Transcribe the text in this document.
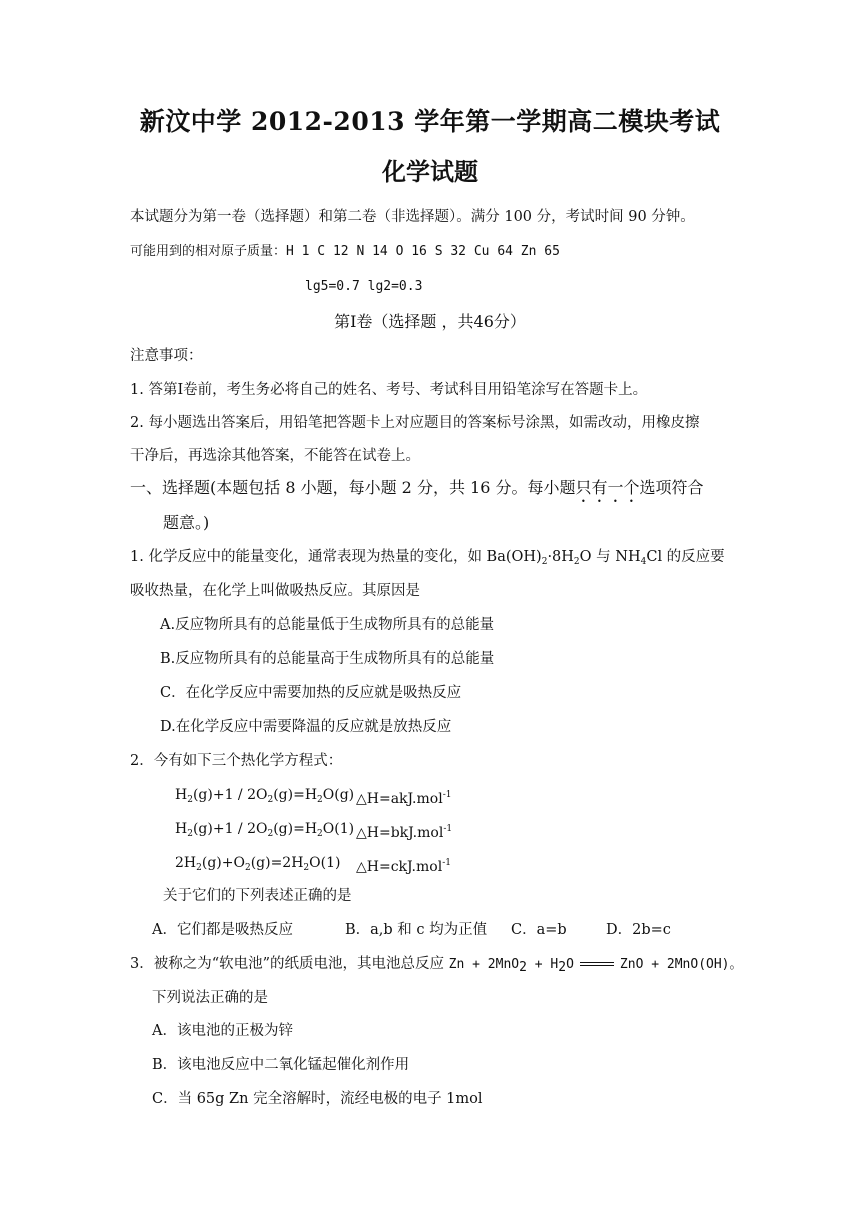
新汶中学 2012-2013 学年第一学期高二模块考试
化学试题
本试题分为第一卷（选择题）和第二卷（非选择题）。满分 100 分，考试时间 90 分钟。
可能用到的相对原子质量：H 1 C 12 N 14 O 16 S 32 Cu 64 Zn 65
lg5=0.7 lg2=0.3
第Ⅰ卷（选择题 ，共46分）
注意事项：
1. 答第Ⅰ卷前，考生务必将自己的姓名、考号、考试科目用铅笔涂写在答题卡上。
2. 每小题选出答案后，用铅笔把答题卡上对应题目的答案标号涂黑，如需改动，用橡皮擦
干净后，再选涂其他答案，不能答在试卷上。
一、选择题(本题包括 8 小题，每小题 2 分，共 16 分。每小题只有一个选项符合
题意。)
1. 化学反应中的能量变化，通常表现为热量的变化，如 $Ba(OH)_2\cdot 8H_2O$ 与 $NH_4Cl$ 的反应要
吸收热量，在化学上叫做吸热反应。其原因是
A.反应物所具有的总能量低于生成物所具有的总能量
B.反应物所具有的总能量高于生成物所具有的总能量
C．在化学反应中需要加热的反应就是吸热反应
D.在化学反应中需要降温的反应就是放热反应
2．今有如下三个热化学方程式：
$H_2(g)+1 / 2O_2(g)=H_2O(g)$ △H=akJ.mol$^{-1}$
$H_2(g)+1 / 2O_2(g)=H_2O(1)$ △H=bkJ.mol$^{-1}$
$2H_2(g)+O_2(g)=2H_2O(1)$ △H=ckJ.mol$^{-1}$
关于它们的下列表述正确的是
A．它们都是吸热反应	B．a,b 和 c 均为正值 C．a=b	D．2b=c
3．被称之为“软电池”的纸质电池，其电池总反应 Zn + 2MnO2 + H2O	ZnO + 2MnO(OH)。
下列说法正确的是
A．该电池的正极为锌
B．该电池反应中二氧化锰起催化剂作用
C．当 65g Zn 完全溶解时，流经电极的电子 1mol
